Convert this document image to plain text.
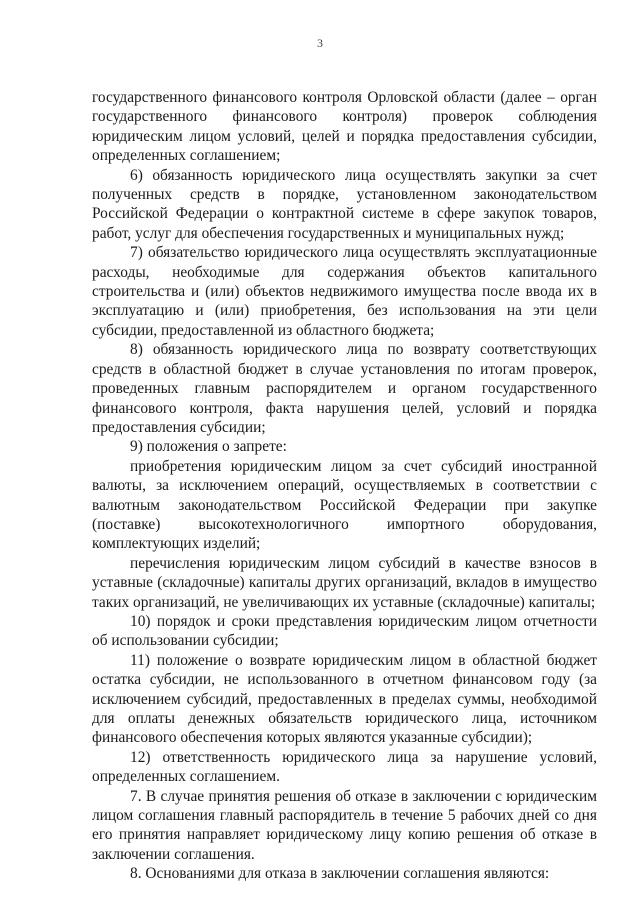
3

государственного финансового контроля Орловской области (далее – орган государственного финансового контроля) проверок соблюдения юридическим лицом условий, целей и порядка предоставления субсидии, определенных соглашением;

6) обязанность юридического лица осуществлять закупки за счет полученных средств в порядке, установленном законодательством Российской Федерации о контрактной системе в сфере закупок товаров, работ, услуг для обеспечения государственных и муниципальных нужд;

7) обязательство юридического лица осуществлять эксплуатационные расходы, необходимые для содержания объектов капитального строительства и (или) объектов недвижимого имущества после ввода их в эксплуатацию и (или) приобретения, без использования на эти цели субсидии, предоставленной из областного бюджета;

8) обязанность юридического лица по возврату соответствующих средств в областной бюджет в случае установления по итогам проверок, проведенных главным распорядителем и органом государственного финансового контроля, факта нарушения целей, условий и порядка предоставления субсидии;

9) положения о запрете:

приобретения юридическим лицом за счет субсидий иностранной валюты, за исключением операций, осуществляемых в соответствии с валютным законодательством Российской Федерации при закупке (поставке) высокотехнологичного импортного оборудования, комплектующих изделий;

перечисления юридическим лицом субсидий в качестве взносов в уставные (складочные) капиталы других организаций, вкладов в имущество таких организаций, не увеличивающих их уставные (складочные) капиталы;

10) порядок и сроки представления юридическим лицом отчетности об использовании субсидии;

11) положение о возврате юридическим лицом в областной бюджет остатка субсидии, не использованного в отчетном финансовом году (за исключением субсидий, предоставленных в пределах суммы, необходимой для оплаты денежных обязательств юридического лица, источником финансового обеспечения которых являются указанные субсидии);

12) ответственность юридического лица за нарушение условий, определенных соглашением.

7. В случае принятия решения об отказе в заключении с юридическим лицом соглашения главный распорядитель в течение 5 рабочих дней со дня его принятия направляет юридическому лицу копию решения об отказе в заключении соглашения.

8. Основаниями для отказа в заключении соглашения являются:
